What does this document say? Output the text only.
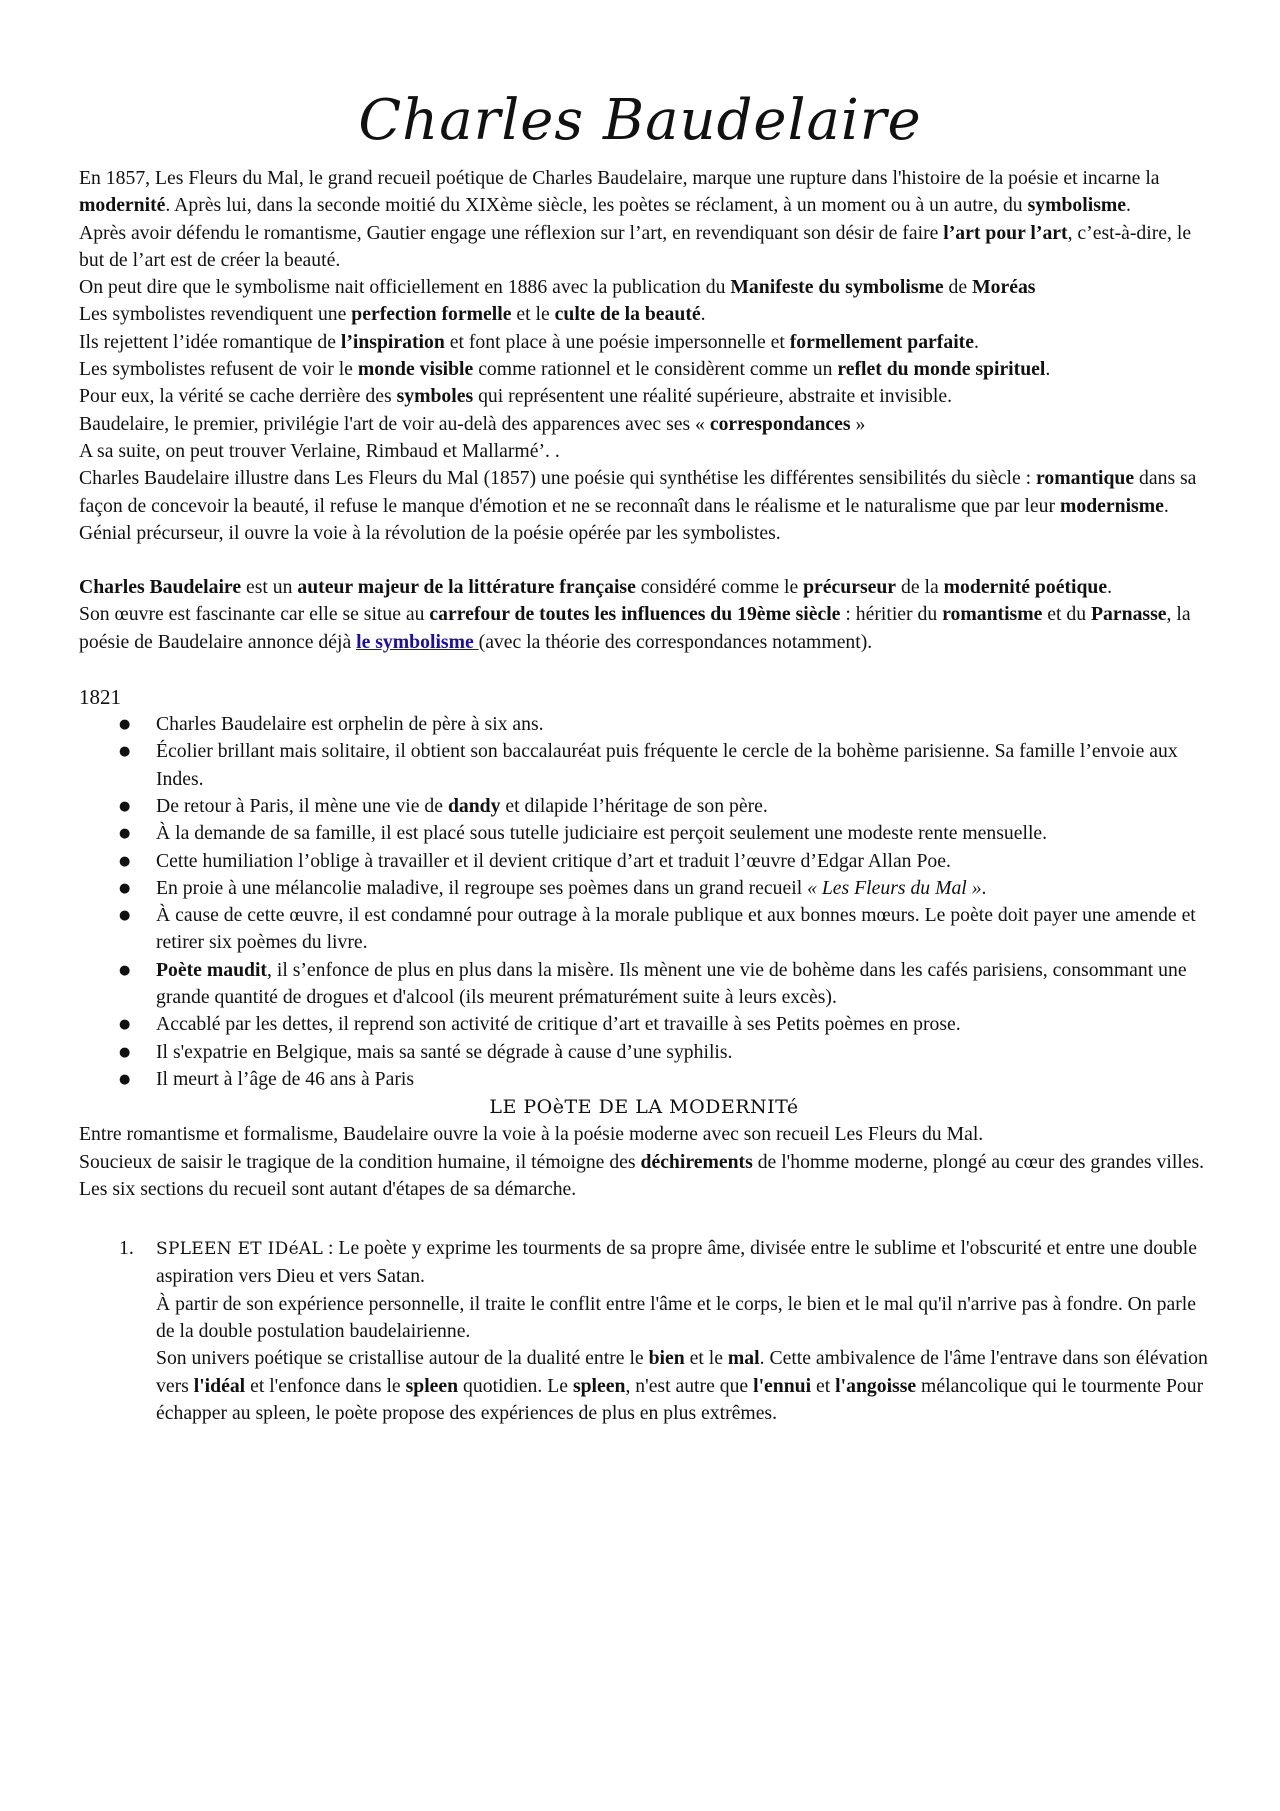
Charles Baudelaire

En 1857, Les Fleurs du Mal, le grand recueil poétique de Charles Baudelaire, marque une rupture dans l'histoire de la poésie et incarne la modernité. Après lui, dans la seconde moitié du XIXème siècle, les poètes se réclament, à un moment ou à un autre, du symbolisme.

Après avoir défendu le romantisme, Gautier engage une réflexion sur l’art, en revendiquant son désir de faire l’art pour l’art, c’est-à-dire, le but de l’art est de créer la beauté.

On peut dire que le symbolisme nait officiellement en 1886 avec la publication du Manifeste du symbolisme de Moréas

Les symbolistes revendiquent une perfection formelle et le culte de la beauté.

Ils rejettent l’idée romantique de l’inspiration et font place à une poésie impersonnelle et formellement parfaite.

Les symbolistes refusent de voir le monde visible comme rationnel et le considèrent comme un reflet du monde spirituel.

Pour eux, la vérité se cache derrière des symboles qui représentent une réalité supérieure, abstraite et invisible.

Baudelaire, le premier, privilégie l'art de voir au-delà des apparences avec ses « correspondances »

A sa suite, on peut trouver Verlaine, Rimbaud et Mallarmé’. .

Charles Baudelaire illustre dans Les Fleurs du Mal (1857) une poésie qui synthétise les différentes sensibilités du siècle : romantique dans sa façon de concevoir la beauté, il refuse le manque d'émotion et ne se reconnaît dans le réalisme et le naturalisme que par leur modernisme. Génial précurseur, il ouvre la voie à la révolution de la poésie opérée par les symbolistes.

Charles Baudelaire est un auteur majeur de la littérature française considéré comme le précurseur de la modernité poétique.

Son œuvre est fascinante car elle se situe au carrefour de toutes les influences du 19ème siècle : héritier du romantisme et du Parnasse, la poésie de Baudelaire annonce déjà le symbolisme (avec la théorie des correspondances notamment).

1821

● Charles Baudelaire est orphelin de père à six ans.
● Écolier brillant mais solitaire, il obtient son baccalauréat puis fréquente le cercle de la bohème parisienne. Sa famille l’envoie aux Indes.
● De retour à Paris, il mène une vie de dandy et dilapide l’héritage de son père.
● À la demande de sa famille, il est placé sous tutelle judiciaire est perçoit seulement une modeste rente mensuelle.
● Cette humiliation l’oblige à travailler et il devient critique d’art et traduit l’œuvre d’Edgar Allan Poe.
● En proie à une mélancolie maladive, il regroupe ses poèmes dans un grand recueil « Les Fleurs du Mal ».
● À cause de cette œuvre, il est condamné pour outrage à la morale publique et aux bonnes mœurs. Le poète doit payer une amende et retirer six poèmes du livre.
● Poète maudit, il s’enfonce de plus en plus dans la misère. Ils mènent une vie de bohème dans les cafés parisiens, consommant une grande quantité de drogues et d'alcool (ils meurent prématurément suite à leurs excès).
● Accablé par les dettes, il reprend son activité de critique d’art et travaille à ses Petits poèmes en prose.
● Il s'expatrie en Belgique, mais sa santé se dégrade à cause d’une syphilis.
● Il meurt à l’âge de 46 ans à Paris

LE POèTE DE LA MODERNITé

Entre romantisme et formalisme, Baudelaire ouvre la voie à la poésie moderne avec son recueil Les Fleurs du Mal.

Soucieux de saisir le tragique de la condition humaine, il témoigne des déchirements de l'homme moderne, plongé au cœur des grandes villes. Les six sections du recueil sont autant d'étapes de sa démarche.

1. SPLEEN ET IDéAL : Le poète y exprime les tourments de sa propre âme, divisée entre le sublime et l'obscurité et entre une double aspiration vers Dieu et vers Satan.

À partir de son expérience personnelle, il traite le conflit entre l'âme et le corps, le bien et le mal qu'il n'arrive pas à fondre. On parle de la double postulation baudelairienne.

Son univers poétique se cristallise autour de la dualité entre le bien et le mal. Cette ambivalence de l'âme l'entrave dans son élévation vers l'idéal et l'enfonce dans le spleen quotidien. Le spleen, n'est autre que l'ennui et l'angoisse mélancolique qui le tourmente Pour échapper au spleen, le poète propose des expériences de plus en plus extrêmes.
